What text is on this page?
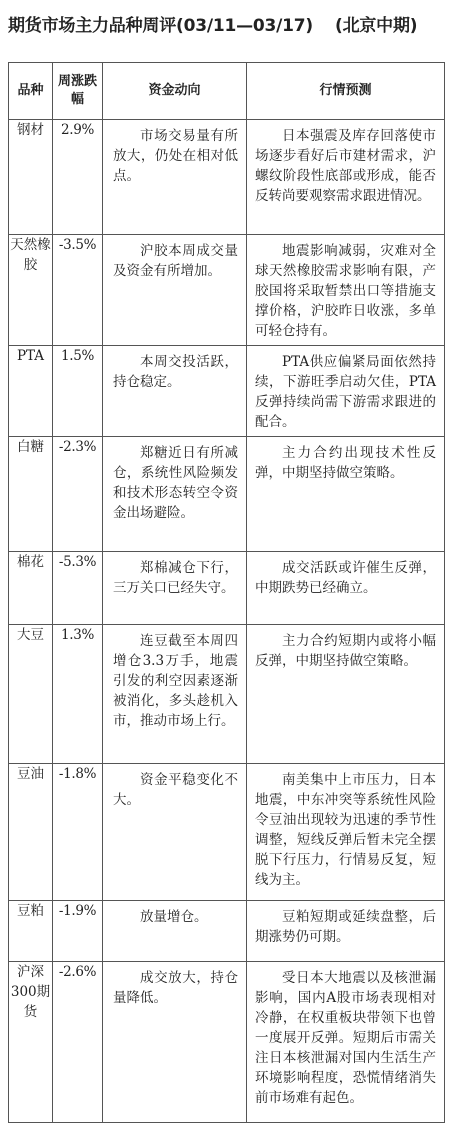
期货市场主力品种周评(03/11—03/17) (北京中期)
品种	周涨跌幅	资金动向	行情预测
钢材	2.9%	市场交易量有所放大，仍处在相对低点。	日本强震及库存回落使市场逐步看好后市建材需求，沪螺纹阶段性底部或形成，能否反转尚要观察需求跟进情况。

天然橡胶	-3.5%	沪胶本周成交量及资金有所增加。	地震影响减弱，灾难对全球天然橡胶需求影响有限，产胶国将采取暂禁出口等措施支撑价格，沪胶昨日收涨，多单可轻仓持有。

PTA	1.5%	本周交投活跃，持仓稳定。	PTA供应偏紧局面依然持续，下游旺季启动欠佳，PTA反弹持续尚需下游需求跟进的配合。

白糖	-2.3%	郑糖近日有所减仓，系统性风险频发和技术形态转空令资金出场避险。	主力合约出现技术性反弹，中期坚持做空策略。

棉花	-5.3%	郑棉减仓下行，三万关口已经失守。	成交活跃或许催生反弹，中期跌势已经确立。

大豆	1.3%	连豆截至本周四增仓3.3万手，地震引发的利空因素逐渐被消化，多头趁机入市，推动市场上行。	主力合约短期内或将小幅反弹，中期坚持做空策略。

豆油	-1.8%	资金平稳变化不大。	南美集中上市压力，日本地震，中东冲突等系统性风险令豆油出现较为迅速的季节性调整，短线反弹后暂未完全摆脱下行压力，行情易反复，短线为主。

豆粕	-1.9%	放量增仓。	豆粕短期或延续盘整，后期涨势仍可期。

沪深300期货	-2.6%	成交放大，持仓量降低。	受日本大地震以及核泄漏影响，国内A股市场表现相对冷静，在权重板块带领下也曾一度展开反弹。短期后市需关注日本核泄漏对国内生活生产环境影响程度，恐慌情绪消失前市场难有起色。
